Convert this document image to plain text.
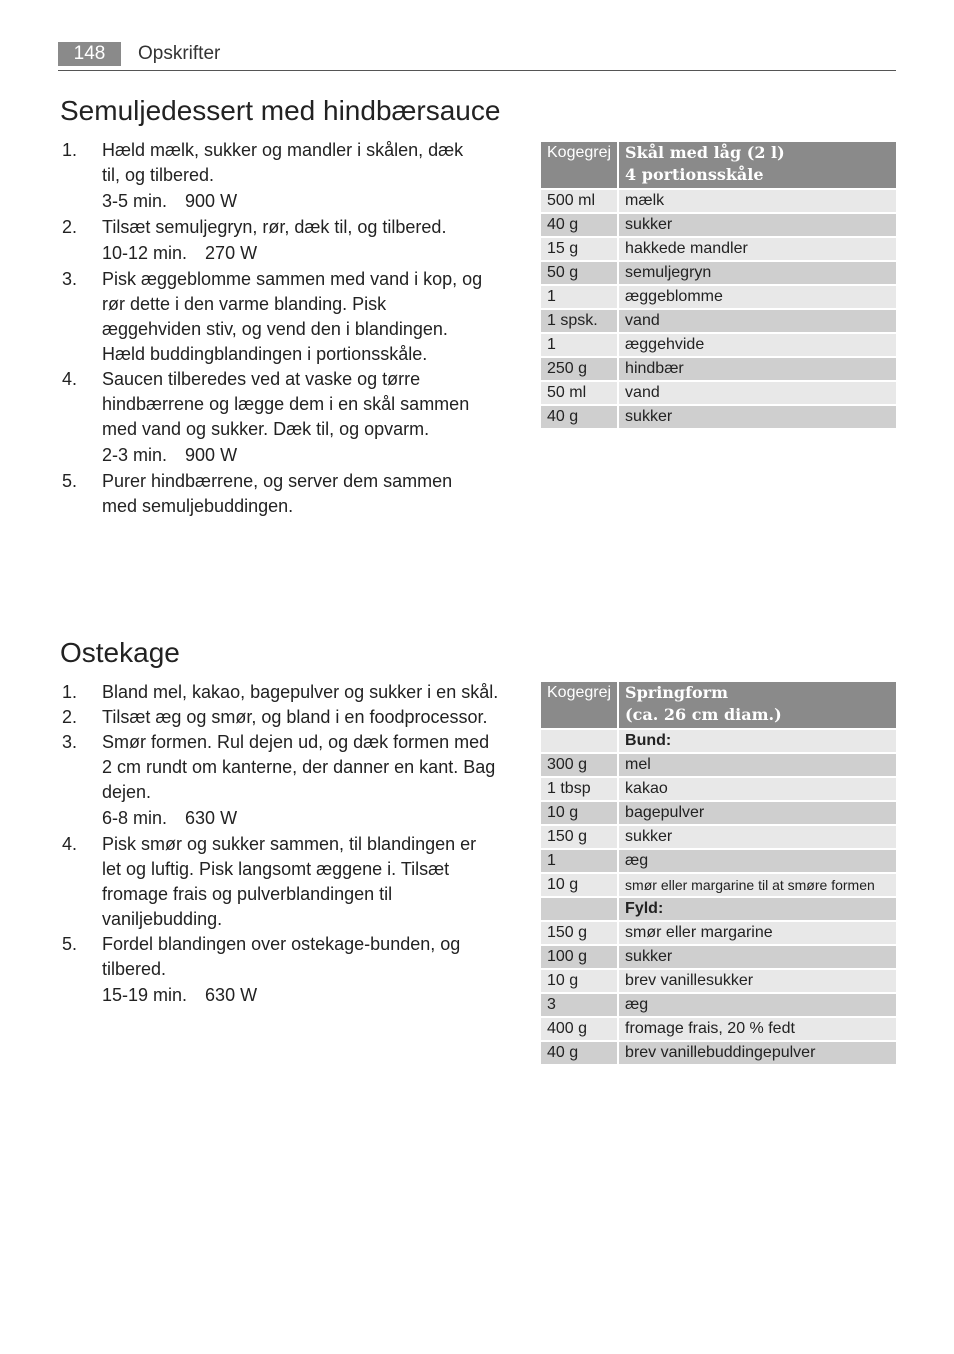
148	Opskrifter
Semuljedessert med hindbærsauce
1. Hæld mælk, sukker og mandler i skålen, dæk til, og tilbered.
3-5 min. 900 W
2. Tilsæt semuljegryn, rør, dæk til, og tilbered.
10-12 min. 270 W
3. Pisk æggeblomme sammen med vand i kop, og rør dette i den varme blanding. Pisk æggehviden stiv, og vend den i blandingen. Hæld buddingblandingen i portionsskåle.
4. Saucen tilberedes ved at vaske og tørre hindbærrene og lægge dem i en skål sammen med vand og sukker. Dæk til, og opvarm.
2-3 min. 900 W
5. Purer hindbærrene, og server dem sammen med semuljebuddingen.
Kogegrej	Skål med låg (2 l)
4 portionsskåle

500 ml	mælk
40 g	sukker
15 g	hakkede mandler
50 g	semuljegryn
1	æggeblomme
1 spsk.	vand
1	æggehvide
250 g	hindbær
50 ml	vand
40 g	sukker
Ostekage
1. Bland mel, kakao, bagepulver og sukker i en skål.
2. Tilsæt æg og smør, og bland i en foodprocessor.
3. Smør formen. Rul dejen ud, og dæk formen med 2 cm rundt om kanterne, der danner en kant. Bag dejen.
6-8 min. 630 W
4. Pisk smør og sukker sammen, til blandingen er let og luftig. Pisk langsomt æggene i. Tilsæt fromage frais og pulverblandingen til vaniljebudding.
5. Fordel blandingen over ostekage-bunden, og tilbered.
15-19 min. 630 W
Kogegrej	Springform
(ca. 26 cm diam.)

	Bund:
300 g	mel
1 tbsp	kakao
10 g	bagepulver
150 g	sukker
1	æg
10 g	smør eller margarine til at smøre formen
	Fyld:
150 g	smør eller margarine
100 g	sukker
10 g	brev vanillesukker
3	æg
400 g	fromage frais, 20 % fedt
40 g	brev vanillebuddingepulver
